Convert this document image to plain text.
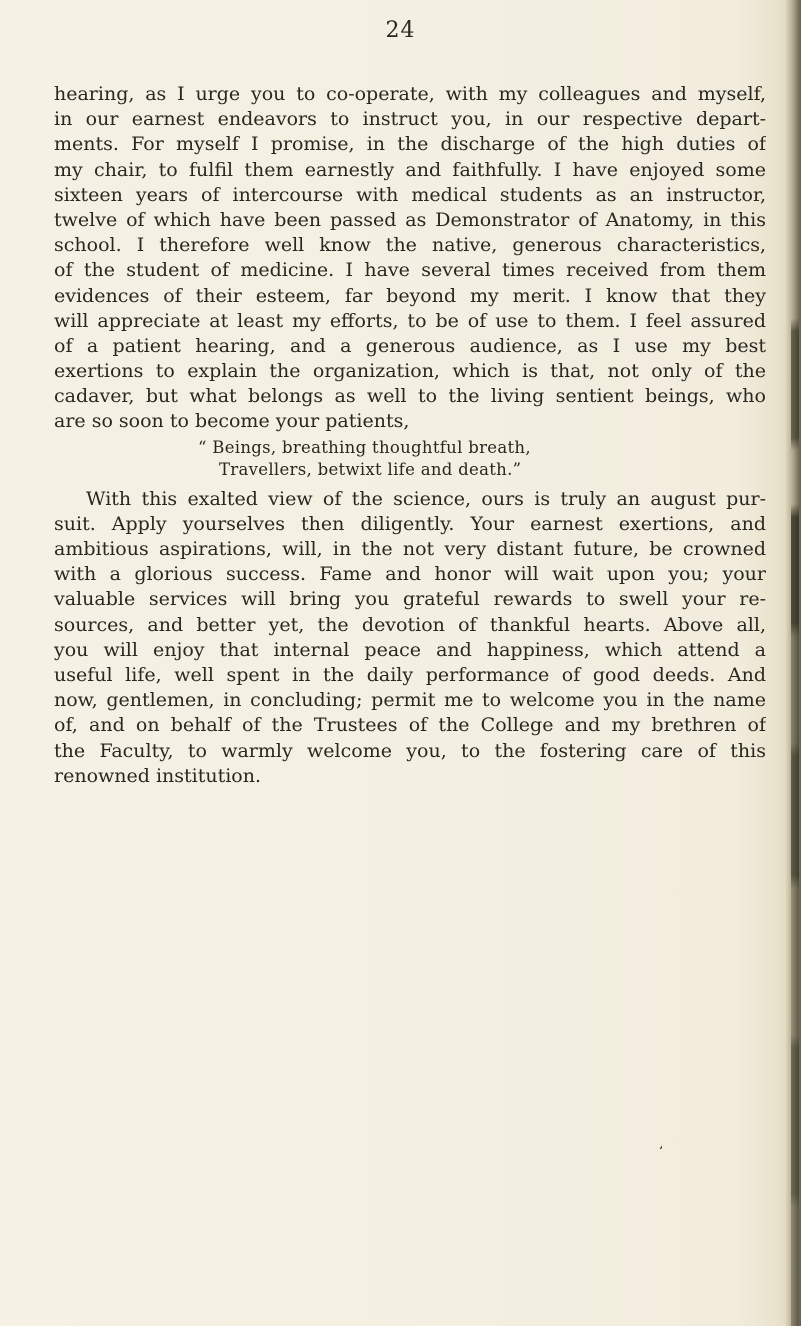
24
hearing, as I urge you to co-operate, with my colleagues and myself,
in our earnest endeavors to instruct you, in our respective depart-
ments. For myself I promise, in the discharge of the high duties of
my chair, to fulfil them earnestly and faithfully. I have enjoyed some
sixteen years of intercourse with medical students as an instructor,
twelve of which have been passed as Demonstrator of Anatomy, in this
school. I therefore well know the native, generous characteristics,
of the student of medicine. I have several times received from them
evidences of their esteem, far beyond my merit. I know that they
will appreciate at least my efforts, to be of use to them. I feel assured
of a patient hearing, and a generous audience, as I use my best
exertions to explain the organization, which is that, not only of the
cadaver, but what belongs as well to the living sentient beings, who
are so soon to become your patients,
“ Beings, breathing thoughtful breath,
Travellers, betwixt life and death.”
With this exalted view of the science, ours is truly an august pur-
suit. Apply yourselves then diligently. Your earnest exertions, and
ambitious aspirations, will, in the not very distant future, be crowned
with a glorious success. Fame and honor will wait upon you; your
valuable services will bring you grateful rewards to swell your re-
sources, and better yet, the devotion of thankful hearts. Above all,
you will enjoy that internal peace and happiness, which attend a
useful life, well spent in the daily performance of good deeds. And
now, gentlemen, in concluding; permit me to welcome you in the name
of, and on behalf of the Trustees of the College and my brethren of
the Faculty, to warmly welcome you, to the fostering care of this
renowned institution.
